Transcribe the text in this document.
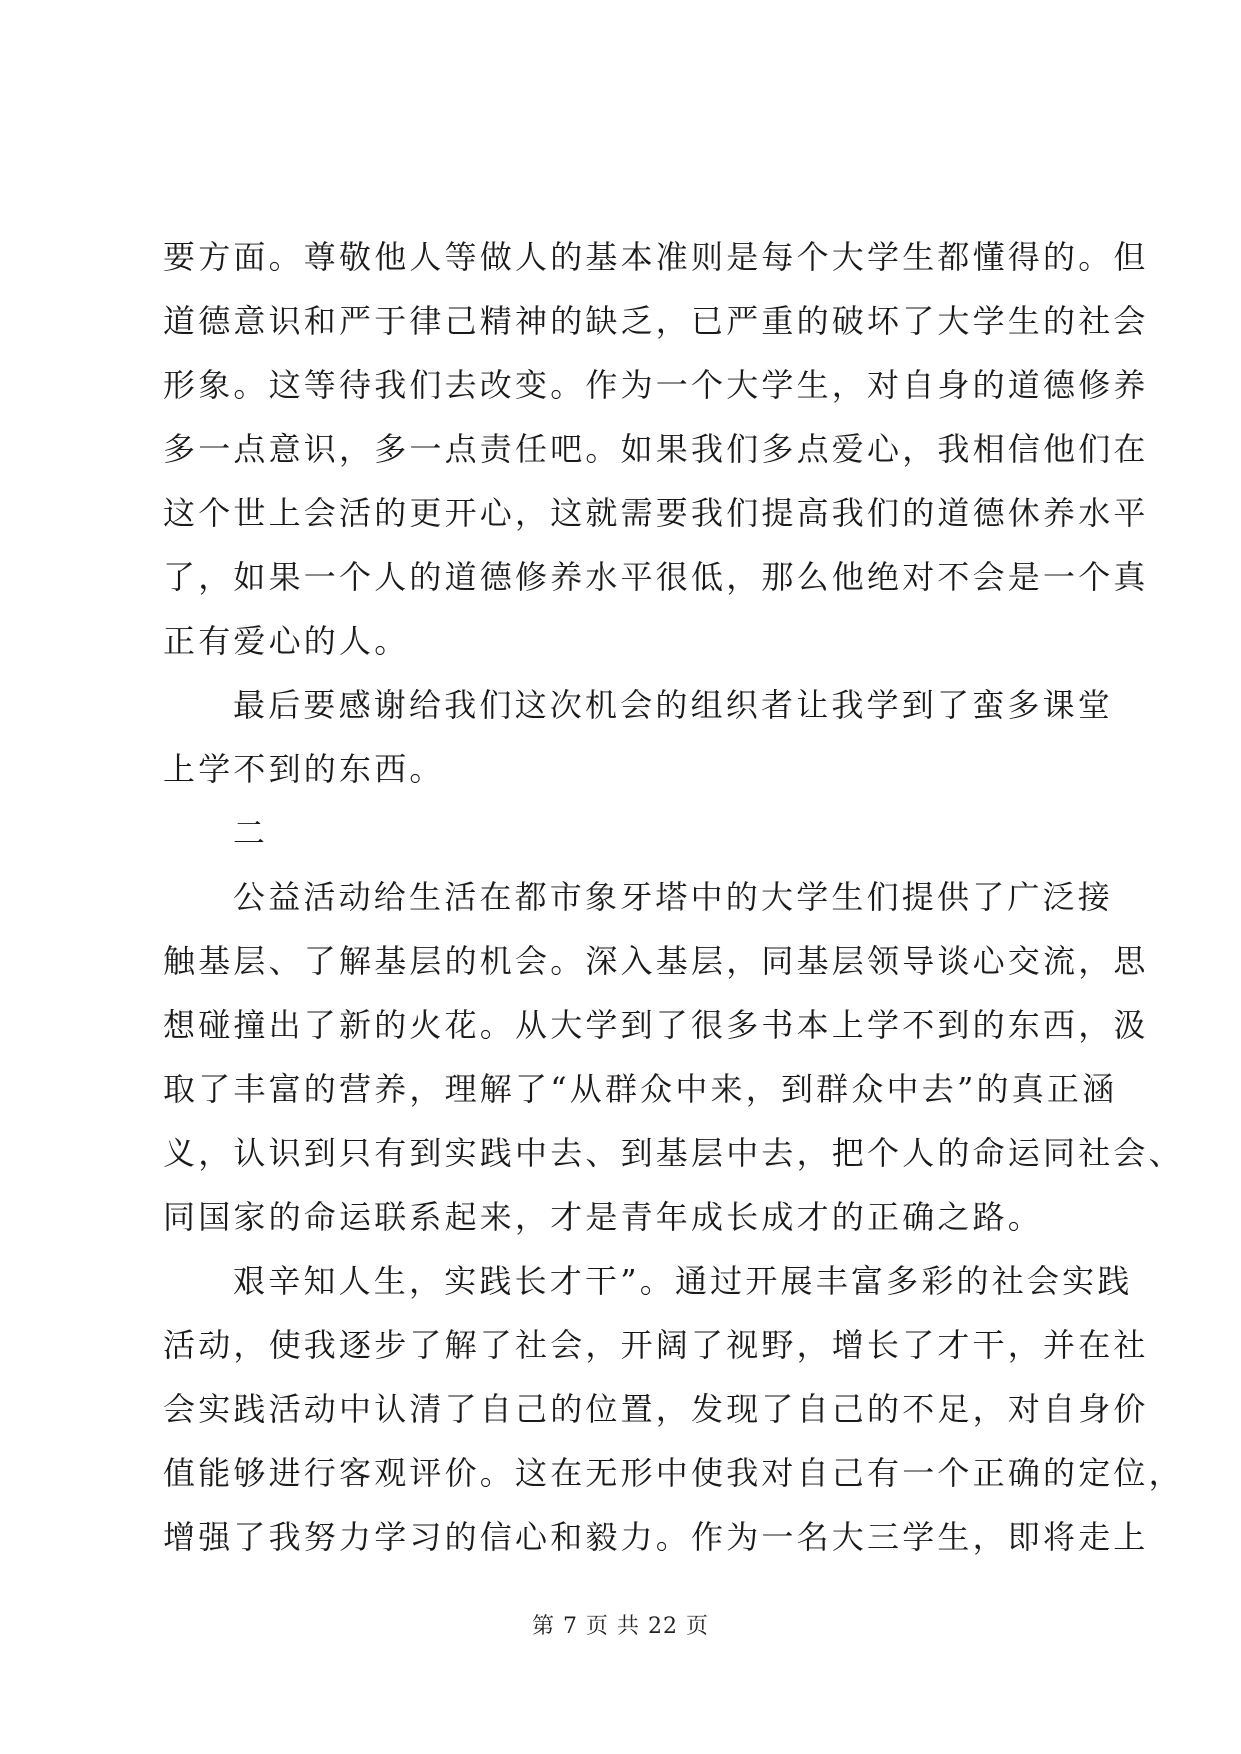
要方面。尊敬他人等做人的基本准则是每个大学生都懂得的。但
道德意识和严于律己精神的缺乏，已严重的破坏了大学生的社会
形象。这等待我们去改变。作为一个大学生，对自身的道德修养
多一点意识，多一点责任吧。如果我们多点爱心，我相信他们在
这个世上会活的更开心，这就需要我们提高我们的道德休养水平
了，如果一个人的道德修养水平很低，那么他绝对不会是一个真
正有爱心的人。
最后要感谢给我们这次机会的组织者让我学到了蛮多课堂
上学不到的东西。
二
公益活动给生活在都市象牙塔中的大学生们提供了广泛接
触基层、了解基层的机会。深入基层，同基层领导谈心交流，思
想碰撞出了新的火花。从大学到了很多书本上学不到的东西，汲
取了丰富的营养，理解了“从群众中来，到群众中去”的真正涵
义，认识到只有到实践中去、到基层中去，把个人的命运同社会、
同国家的命运联系起来，才是青年成长成才的正确之路。
艰辛知人生，实践长才干”。通过开展丰富多彩的社会实践
活动，使我逐步了解了社会，开阔了视野，增长了才干，并在社
会实践活动中认清了自己的位置，发现了自己的不足，对自身价
值能够进行客观评价。这在无形中使我对自己有一个正确的定位，
增强了我努力学习的信心和毅力。作为一名大三学生，即将走上
第 7 页 共 22 页
